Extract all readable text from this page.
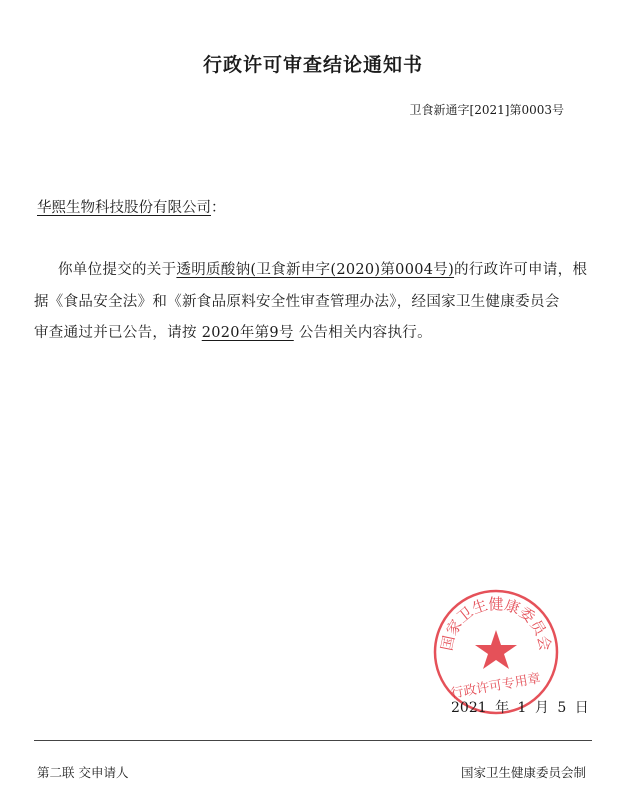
行政许可审查结论通知书
卫食新通字[2021]第0003号
华熙生物科技股份有限公司：
你单位提交的关于透明质酸钠(卫食新申字(2020)第0004号)的行政许可申请，根
据《食品安全法》和《新食品原料安全性审查管理办法》，经国家卫生健康委员会
审查通过并已公告，请按 2020年第9号 公告相关内容执行。
国家卫生健康委员会
行政许可专用章
2021 年 1 月 5 日
第二联 交申请人	国家卫生健康委员会制
